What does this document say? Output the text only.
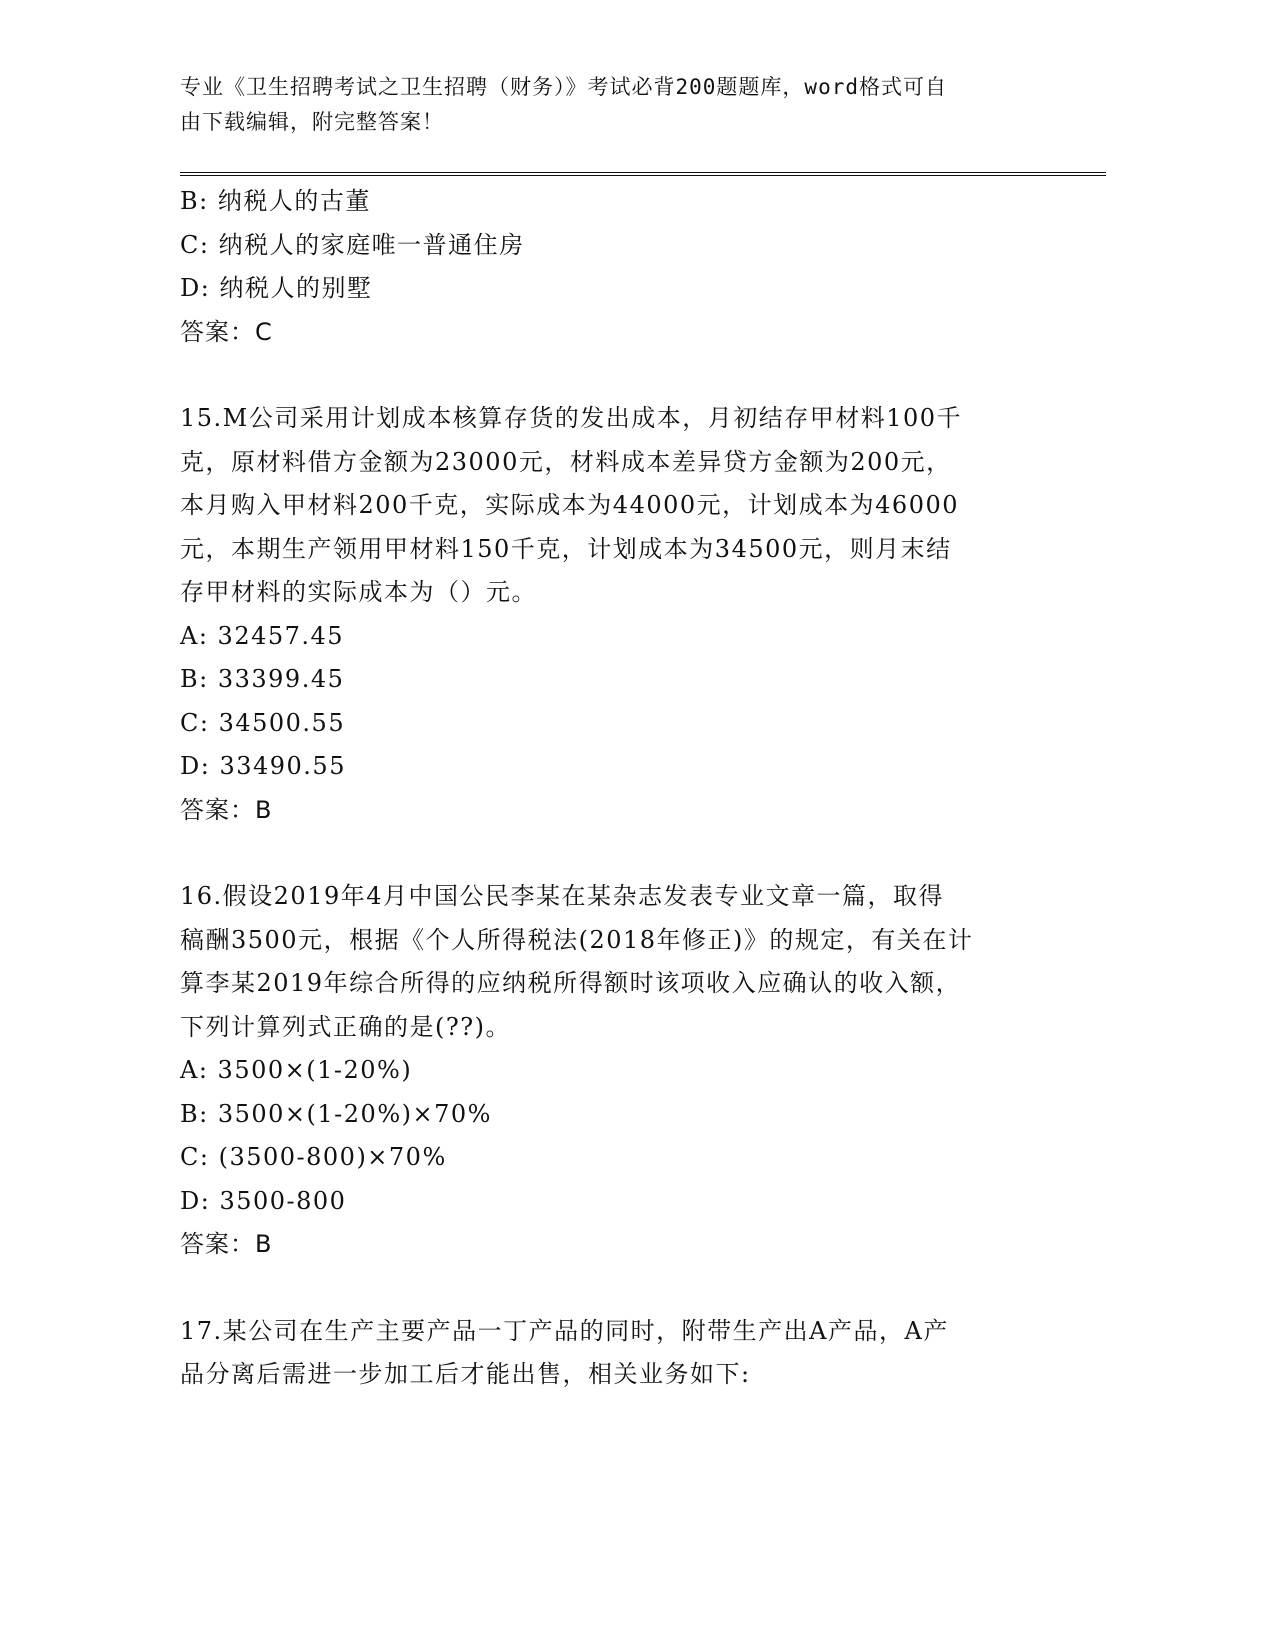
专业《卫生招聘考试之卫生招聘（财务）》考试必背200题题库，word格式可自
由下载编辑，附完整答案！
B: 纳税人的古董
C: 纳税人的家庭唯一普通住房
D: 纳税人的别墅
答案：C
15.M公司采用计划成本核算存货的发出成本，月初结存甲材料100千
克，原材料借方金额为23000元，材料成本差异贷方金额为200元，
本月购入甲材料200千克，实际成本为44000元，计划成本为46000
元，本期生产领用甲材料150千克，计划成本为34500元，则月末结
存甲材料的实际成本为（）元。
A: 32457.45
B: 33399.45
C: 34500.55
D: 33490.55
答案：B
16.假设2019年4月中国公民李某在某杂志发表专业文章一篇，取得
稿酬3500元，根据《个人所得税法(2018年修正)》的规定，有关在计
算李某2019年综合所得的应纳税所得额时该项收入应确认的收入额，
下列计算列式正确的是(??)。
A: 3500×(1-20%)
B: 3500×(1-20%)×70%
C: (3500-800)×70%
D: 3500-800
答案：B
17.某公司在生产主要产品一丁产品的同时，附带生产出A产品，A产
品分离后需进一步加工后才能出售，相关业务如下:
